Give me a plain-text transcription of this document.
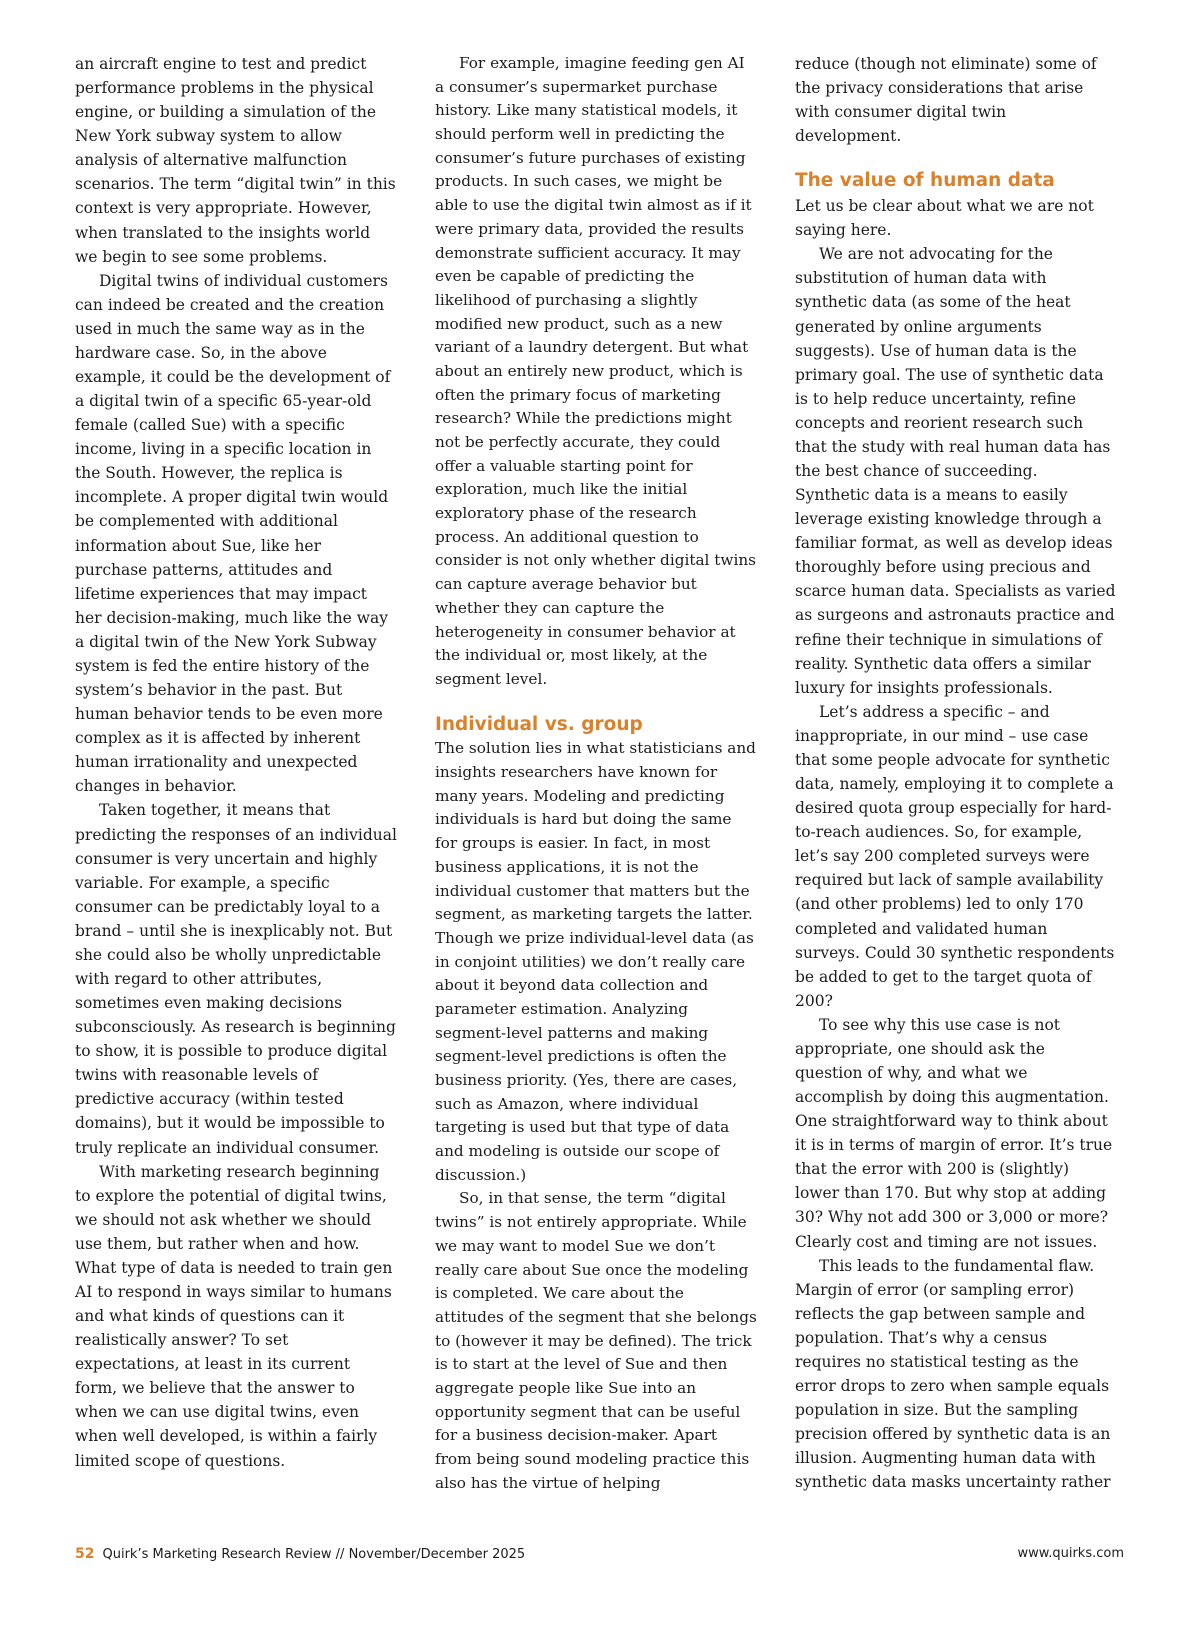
an aircraft engine to test and predict performance problems in the physical engine, or building a simulation of the New York subway system to allow analysis of alternative malfunction scenarios. The term “digital twin” in this context is very appropriate. However, when translated to the insights world we begin to see some problems.

Digital twins of individual customers can indeed be created and the creation used in much the same way as in the hardware case. So, in the above example, it could be the development of a digital twin of a specific 65-year-old female (called Sue) with a specific income, living in a specific location in the South. However, the replica is incomplete. A proper digital twin would be complemented with additional information about Sue, like her purchase patterns, attitudes and lifetime experiences that may impact her decision-making, much like the way a digital twin of the New York Subway system is fed the entire history of the system’s behavior in the past. But human behavior tends to be even more complex as it is affected by inherent human irrationality and unexpected changes in behavior.

Taken together, it means that predicting the responses of an individual consumer is very uncertain and highly variable. For example, a specific consumer can be predictably loyal to a brand – until she is inexplicably not. But she could also be wholly unpredictable with regard to other attributes, sometimes even making decisions subconsciously. As research is beginning to show, it is possible to produce digital twins with reasonable levels of predictive accuracy (within tested domains), but it would be impossible to truly replicate an individual consumer.

With marketing research beginning to explore the potential of digital twins, we should not ask whether we should use them, but rather when and how. What type of data is needed to train gen AI to respond in ways similar to humans and what kinds of questions can it realistically answer? To set expectations, at least in its current form, we believe that the answer to when we can use digital twins, even when well developed, is within a fairly limited scope of questions.

For example, imagine feeding gen AI a consumer’s supermarket purchase history. Like many statistical models, it should perform well in predicting the consumer’s future purchases of existing products. In such cases, we might be able to use the digital twin almost as if it were primary data, provided the results demonstrate sufficient accuracy. It may even be capable of predicting the likelihood of purchasing a slightly modified new product, such as a new variant of a laundry detergent. But what about an entirely new product, which is often the primary focus of marketing research? While the predictions might not be perfectly accurate, they could offer a valuable starting point for exploration, much like the initial exploratory phase of the research process. An additional question to consider is not only whether digital twins can capture average behavior but whether they can capture the heterogeneity in consumer behavior at the individual or, most likely, at the segment level.

Individual vs. group

The solution lies in what statisticians and insights researchers have known for many years. Modeling and predicting individuals is hard but doing the same for groups is easier. In fact, in most business applications, it is not the individual customer that matters but the segment, as marketing targets the latter. Though we prize individual-level data (as in conjoint utilities) we don’t really care about it beyond data collection and parameter estimation. Analyzing segment-level patterns and making segment-level predictions is often the business priority. (Yes, there are cases, such as Amazon, where individual targeting is used but that type of data and modeling is outside our scope of discussion.)

So, in that sense, the term “digital twins” is not entirely appropriate. While we may want to model Sue we don’t really care about Sue once the modeling is completed. We care about the attitudes of the segment that she belongs to (however it may be defined). The trick is to start at the level of Sue and then aggregate people like Sue into an opportunity segment that can be useful for a business decision-maker. Apart from being sound modeling practice this also has the virtue of helping

reduce (though not eliminate) some of the privacy considerations that arise with consumer digital twin development.

The value of human data

Let us be clear about what we are not saying here.

We are not advocating for the substitution of human data with synthetic data (as some of the heat generated by online arguments suggests). Use of human data is the primary goal. The use of synthetic data is to help reduce uncertainty, refine concepts and reorient research such that the study with real human data has the best chance of succeeding. Synthetic data is a means to easily leverage existing knowledge through a familiar format, as well as develop ideas thoroughly before using precious and scarce human data. Specialists as varied as surgeons and astronauts practice and refine their technique in simulations of reality. Synthetic data offers a similar luxury for insights professionals.

Let’s address a specific – and inappropriate, in our mind – use case that some people advocate for synthetic data, namely, employing it to complete a desired quota group especially for hard-to-reach audiences. So, for example, let’s say 200 completed surveys were required but lack of sample availability (and other problems) led to only 170 completed and validated human surveys. Could 30 synthetic respondents be added to get to the target quota of 200?

To see why this use case is not appropriate, one should ask the question of why, and what we accomplish by doing this augmentation. One straightforward way to think about it is in terms of margin of error. It’s true that the error with 200 is (slightly) lower than 170. But why stop at adding 30? Why not add 300 or 3,000 or more? Clearly cost and timing are not issues.

This leads to the fundamental flaw. Margin of error (or sampling error) reflects the gap between sample and population. That’s why a census requires no statistical testing as the error drops to zero when sample equals population in size. But the sampling precision offered by synthetic data is an illusion. Augmenting human data with synthetic data masks uncertainty rather

52 Quirk’s Marketing Research Review // November/December 2025	www.quirks.com
